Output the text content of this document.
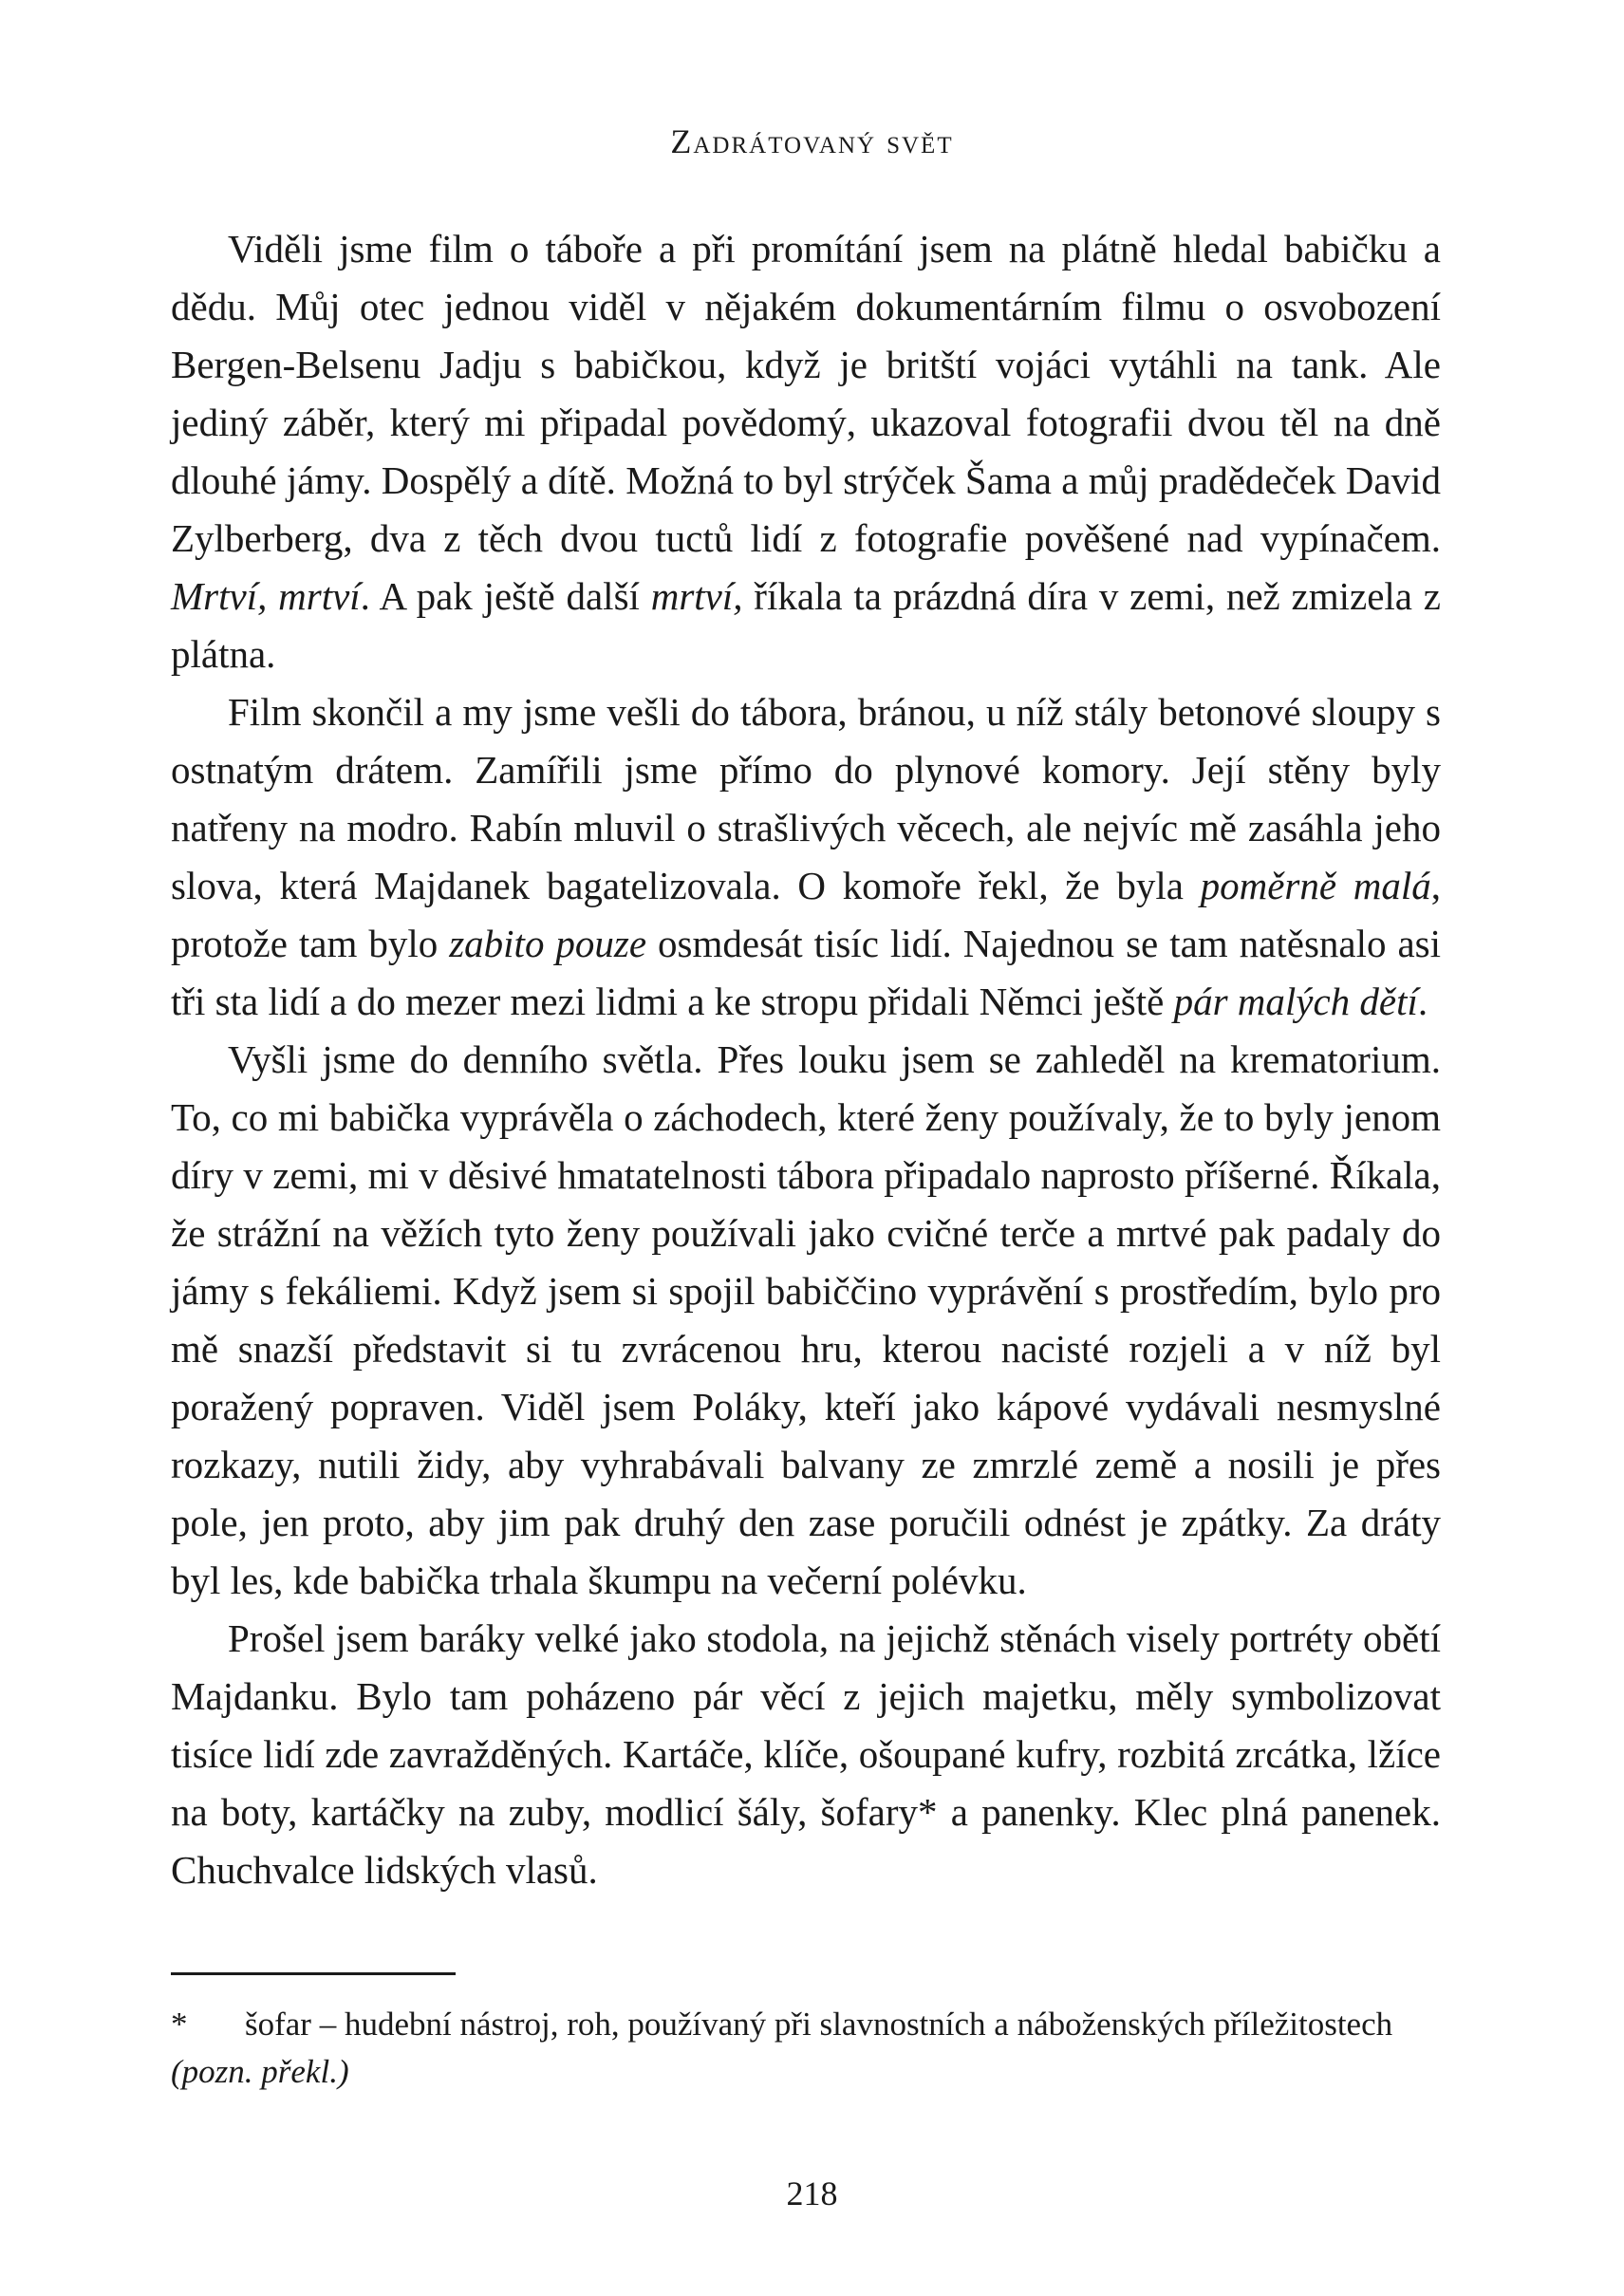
Zadrátovaný svět

Viděli jsme film o táboře a při promítání jsem na plátně hledal babičku a dědu. Můj otec jednou viděl v nějakém dokumentárním filmu o osvobození Bergen-Belsenu Jadju s babičkou, když je britští vojáci vytáhli na tank. Ale jediný záběr, který mi připadal povědomý, ukazoval fotografii dvou těl na dně dlouhé jámy. Dospělý a dítě. Možná to byl strýček Šama a můj pradědeček David Zylberberg, dva z těch dvou tuctů lidí z fotografie pověšené nad vypínačem. Mrtví, mrtví. A pak ještě další mrtví, říkala ta prázdná díra v zemi, než zmizela z plátna.

Film skončil a my jsme vešli do tábora, bránou, u níž stály betonové sloupy s ostnatým drátem. Zamířili jsme přímo do plynové komory. Její stěny byly natřeny na modro. Rabín mluvil o strašlivých věcech, ale nejvíc mě zasáhla jeho slova, která Majdanek bagatelizovala. O komoře řekl, že byla poměrně malá, protože tam bylo zabito pouze osmdesát tisíc lidí. Najednou se tam natěsnalo asi tři sta lidí a do mezer mezi lidmi a ke stropu přidali Němci ještě pár malých dětí.

Vyšli jsme do denního světla. Přes louku jsem se zahleděl na krematorium. To, co mi babička vyprávěla o záchodech, které ženy používaly, že to byly jenom díry v zemi, mi v děsivé hmatatelnosti tábora připadalo naprosto příšerné. Říkala, že strážní na věžích tyto ženy používali jako cvičné terče a mrtvé pak padaly do jámy s fekáliemi. Když jsem si spojil babiččino vyprávění s prostředím, bylo pro mě snazší představit si tu zvrácenou hru, kterou nacisté rozjeli a v níž byl poražený popraven. Viděl jsem Poláky, kteří jako kápové vydávali nesmyslné rozkazy, nutili židy, aby vyhrabávali balvany ze zmrzlé země a nosili je přes pole, jen proto, aby jim pak druhý den zase poručili odnést je zpátky. Za dráty byl les, kde babička trhala škumpu na večerní polévku.

Prošel jsem baráky velké jako stodola, na jejichž stěnách visely portréty obětí Majdanku. Bylo tam poházeno pár věcí z jejich majetku, měly symbolizovat tisíce lidí zde zavražděných. Kartáče, klíče, ošoupané kufry, rozbitá zrcátka, lžíce na boty, kartáčky na zuby, modlicí šály, šofary* a panenky. Klec plná panenek. Chuchvalce lidských vlasů.

* šofar – hudební nástroj, roh, používaný při slavnostních a náboženských příležitostech (pozn. překl.)
218
